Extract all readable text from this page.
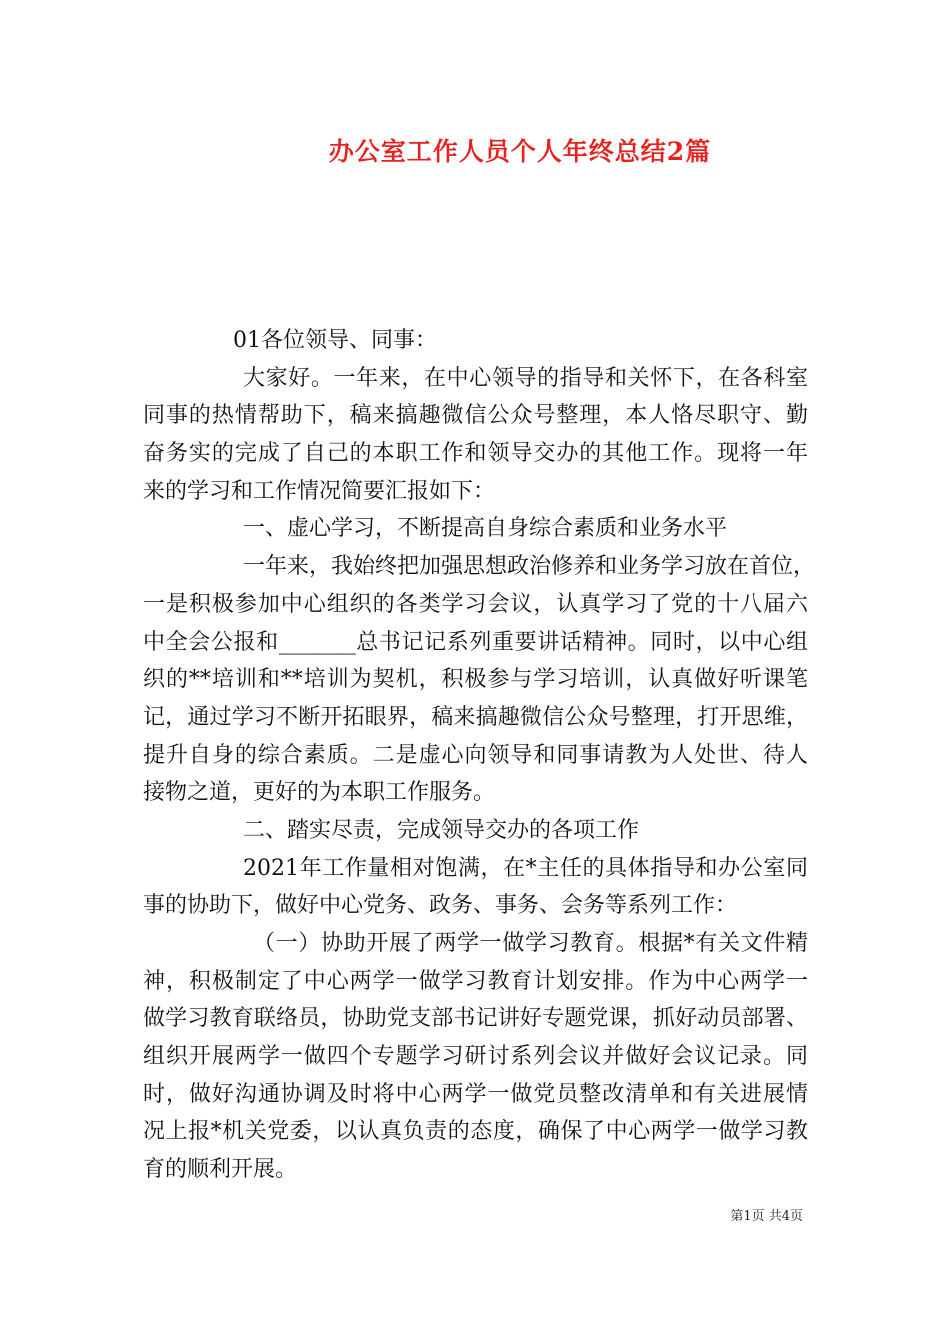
办公室工作人员个人年终总结2篇
01各位领导、同事：
大家好。一年来，在中心领导的指导和关怀下，在各科室
同事的热情帮助下，稿来搞趣微信公众号整理，本人恪尽职守、勤
奋务实的完成了自己的本职工作和领导交办的其他工作。现将一年
来的学习和工作情况简要汇报如下：
一、虚心学习，不断提高自身综合素质和业务水平
一年来，我始终把加强思想政治修养和业务学习放在首位，
一是积极参加中心组织的各类学习会议，认真学习了党的十八届六
中全会公报和_______总书记记系列重要讲话精神。同时，以中心组
织的**培训和**培训为契机，积极参与学习培训，认真做好听课笔
记，通过学习不断开拓眼界，稿来搞趣微信公众号整理，打开思维，
提升自身的综合素质。二是虚心向领导和同事请教为人处世、待人
接物之道，更好的为本职工作服务。
二、踏实尽责，完成领导交办的各项工作
2021年工作量相对饱满，在*主任的具体指导和办公室同
事的协助下，做好中心党务、政务、事务、会务等系列工作：
（一）协助开展了两学一做学习教育。根据*有关文件精
神，积极制定了中心两学一做学习教育计划安排。作为中心两学一
做学习教育联络员，协助党支部书记讲好专题党课，抓好动员部署、
组织开展两学一做四个专题学习研讨系列会议并做好会议记录。同
时，做好沟通协调及时将中心两学一做党员整改清单和有关进展情
况上报*机关党委，以认真负责的态度，确保了中心两学一做学习教
育的顺利开展。
第1页 共4页
